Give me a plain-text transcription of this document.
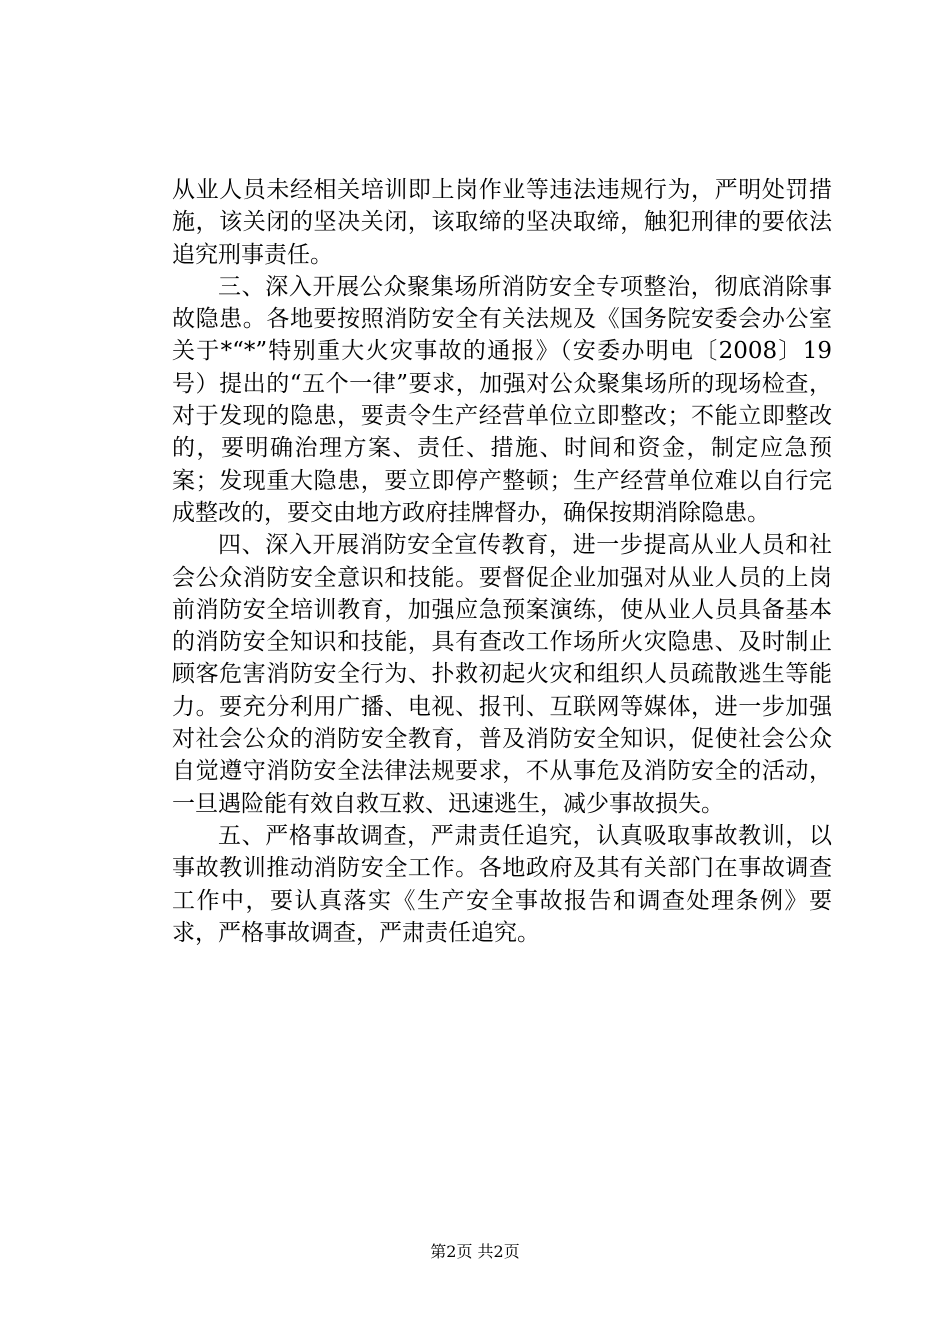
从业人员未经相关培训即上岗作业等违法违规行为，严明处罚措施，该关闭的坚决关闭，该取缔的坚决取缔，触犯刑律的要依法追究刑事责任。

三、深入开展公众聚集场所消防安全专项整治，彻底消除事故隐患。各地要按照消防安全有关法规及《国务院安委会办公室关于*“*”特别重大火灾事故的通报》（安委办明电〔2008〕19号）提出的“五个一律”要求，加强对公众聚集场所的现场检查，对于发现的隐患，要责令生产经营单位立即整改；不能立即整改的，要明确治理方案、责任、措施、时间和资金，制定应急预案；发现重大隐患，要立即停产整顿；生产经营单位难以自行完成整改的，要交由地方政府挂牌督办，确保按期消除隐患。

四、深入开展消防安全宣传教育，进一步提高从业人员和社会公众消防安全意识和技能。要督促企业加强对从业人员的上岗前消防安全培训教育，加强应急预案演练，使从业人员具备基本的消防安全知识和技能，具有查改工作场所火灾隐患、及时制止顾客危害消防安全行为、扑救初起火灾和组织人员疏散逃生等能力。要充分利用广播、电视、报刊、互联网等媒体，进一步加强对社会公众的消防安全教育，普及消防安全知识，促使社会公众自觉遵守消防安全法律法规要求，不从事危及消防安全的活动，一旦遇险能有效自救互救、迅速逃生，减少事故损失。

五、严格事故调查，严肃责任追究，认真吸取事故教训，以事故教训推动消防安全工作。各地政府及其有关部门在事故调查工作中，要认真落实《生产安全事故报告和调查处理条例》要求，严格事故调查，严肃责任追究。

第2页 共2页
